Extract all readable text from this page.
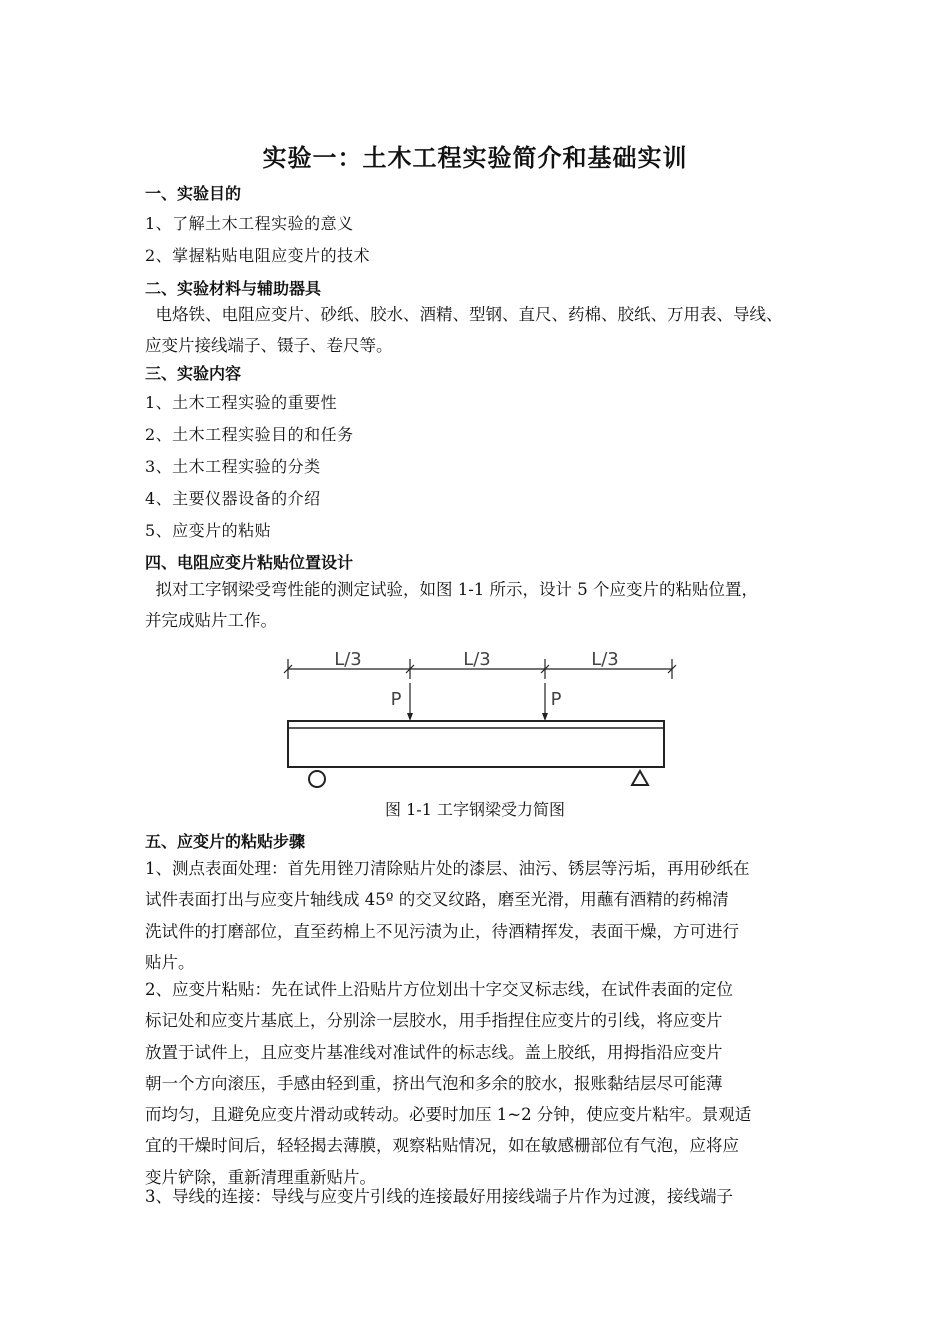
实验一：土木工程实验简介和基础实训
一、实验目的
1、了解土木工程实验的意义
2、掌握粘贴电阻应变片的技术
二、实验材料与辅助器具
电烙铁、电阻应变片、砂纸、胶水、酒精、型钢、直尺、药棉、胶纸、万用表、导线、
应变片接线端子、镊子、卷尺等。
三、实验内容
1、土木工程实验的重要性
2、土木工程实验目的和任务
3、土木工程实验的分类
4、主要仪器设备的介绍
5、应变片的粘贴
四、电阻应变片粘贴位置设计
拟对工字钢梁受弯性能的测定试验，如图 1-1 所示，设计 5 个应变片的粘贴位置，
并完成贴片工作。
L/3	L/3	L/3
P	P
图 1-1 工字钢梁受力简图
五、应变片的粘贴步骤
1、测点表面处理：首先用锉刀清除贴片处的漆层、油污、锈层等污垢，再用砂纸在
试件表面打出与应变片轴线成 45º 的交叉纹路，磨至光滑，用蘸有酒精的药棉清
洗试件的打磨部位，直至药棉上不见污渍为止，待酒精挥发，表面干燥，方可进行
贴片。
2、应变片粘贴：先在试件上沿贴片方位划出十字交叉标志线，在试件表面的定位
标记处和应变片基底上，分别涂一层胶水，用手指捏住应变片的引线，将应变片
放置于试件上，且应变片基准线对准试件的标志线。盖上胶纸，用拇指沿应变片
朝一个方向滚压，手感由轻到重，挤出气泡和多余的胶水，报账黏结层尽可能薄
而均匀，且避免应变片滑动或转动。必要时加压 1~2 分钟，使应变片粘牢。景观适
宜的干燥时间后，轻轻揭去薄膜，观察粘贴情况，如在敏感栅部位有气泡，应将应
变片铲除，重新清理重新贴片。
3、导线的连接：导线与应变片引线的连接最好用接线端子片作为过渡，接线端子
